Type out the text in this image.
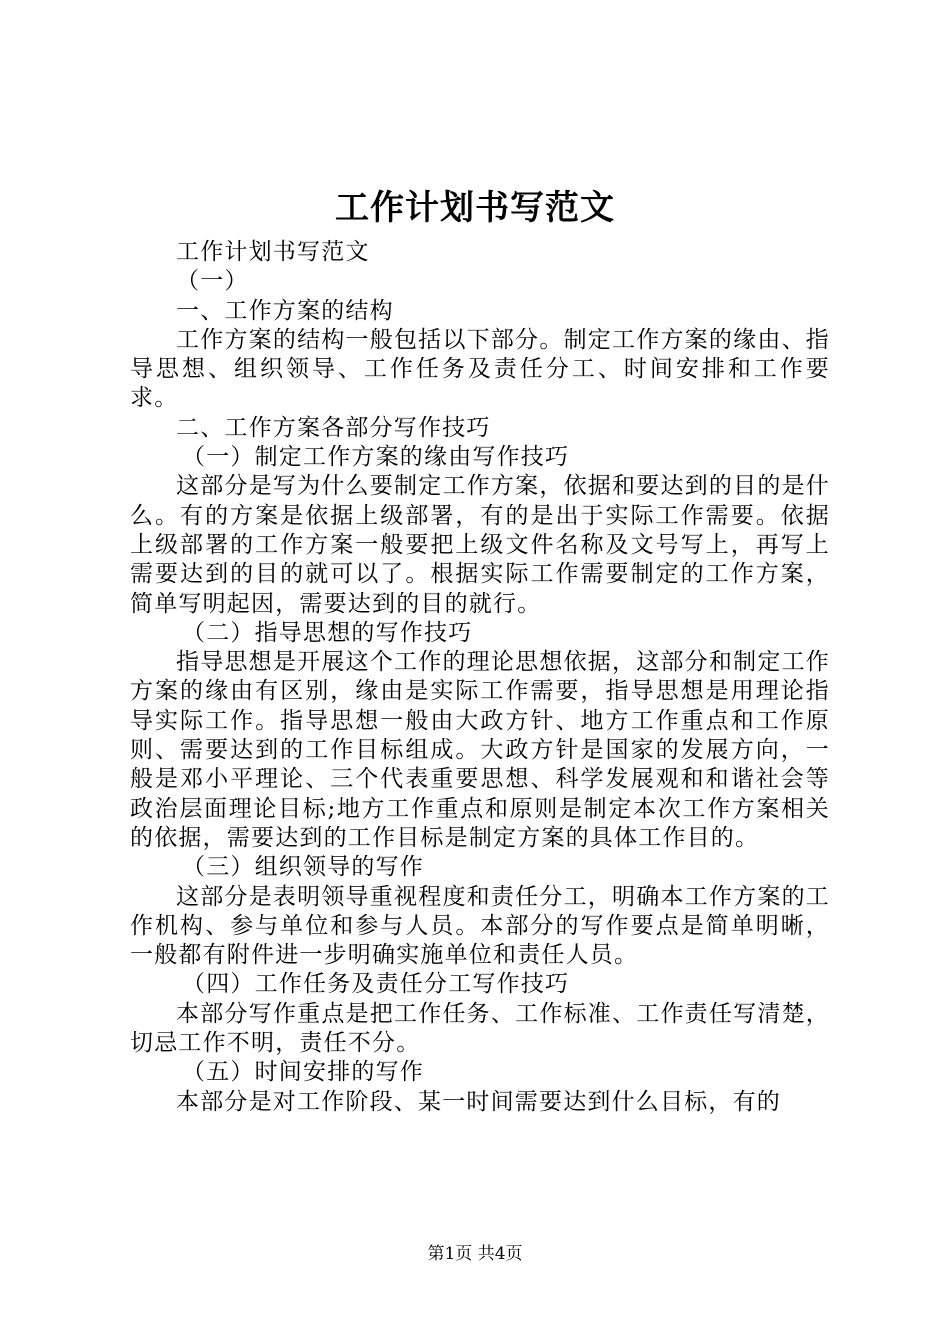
工作计划书写范文

工作计划书写范文

（一）

一、工作方案的结构

工作方案的结构一般包括以下部分。制定工作方案的缘由、指导思想、组织领导、工作任务及责任分工、时间安排和工作要求。

二、工作方案各部分写作技巧

（一）制定工作方案的缘由写作技巧

这部分是写为什么要制定工作方案，依据和要达到的目的是什么。有的方案是依据上级部署，有的是出于实际工作需要。依据上级部署的工作方案一般要把上级文件名称及文号写上，再写上需要达到的目的就可以了。根据实际工作需要制定的工作方案，简单写明起因，需要达到的目的就行。

（二）指导思想的写作技巧

指导思想是开展这个工作的理论思想依据，这部分和制定工作方案的缘由有区别，缘由是实际工作需要，指导思想是用理论指导实际工作。指导思想一般由大政方针、地方工作重点和工作原则、需要达到的工作目标组成。大政方针是国家的发展方向，一般是邓小平理论、三个代表重要思想、科学发展观和和谐社会等政治层面理论目标;地方工作重点和原则是制定本次工作方案相关的依据，需要达到的工作目标是制定方案的具体工作目的。

（三）组织领导的写作

这部分是表明领导重视程度和责任分工，明确本工作方案的工作机构、参与单位和参与人员。本部分的写作要点是简单明晰，一般都有附件进一步明确实施单位和责任人员。

（四）工作任务及责任分工写作技巧

本部分写作重点是把工作任务、工作标准、工作责任写清楚，切忌工作不明，责任不分。

（五）时间安排的写作

本部分是对工作阶段、某一时间需要达到什么目标，有的

第1页 共4页
